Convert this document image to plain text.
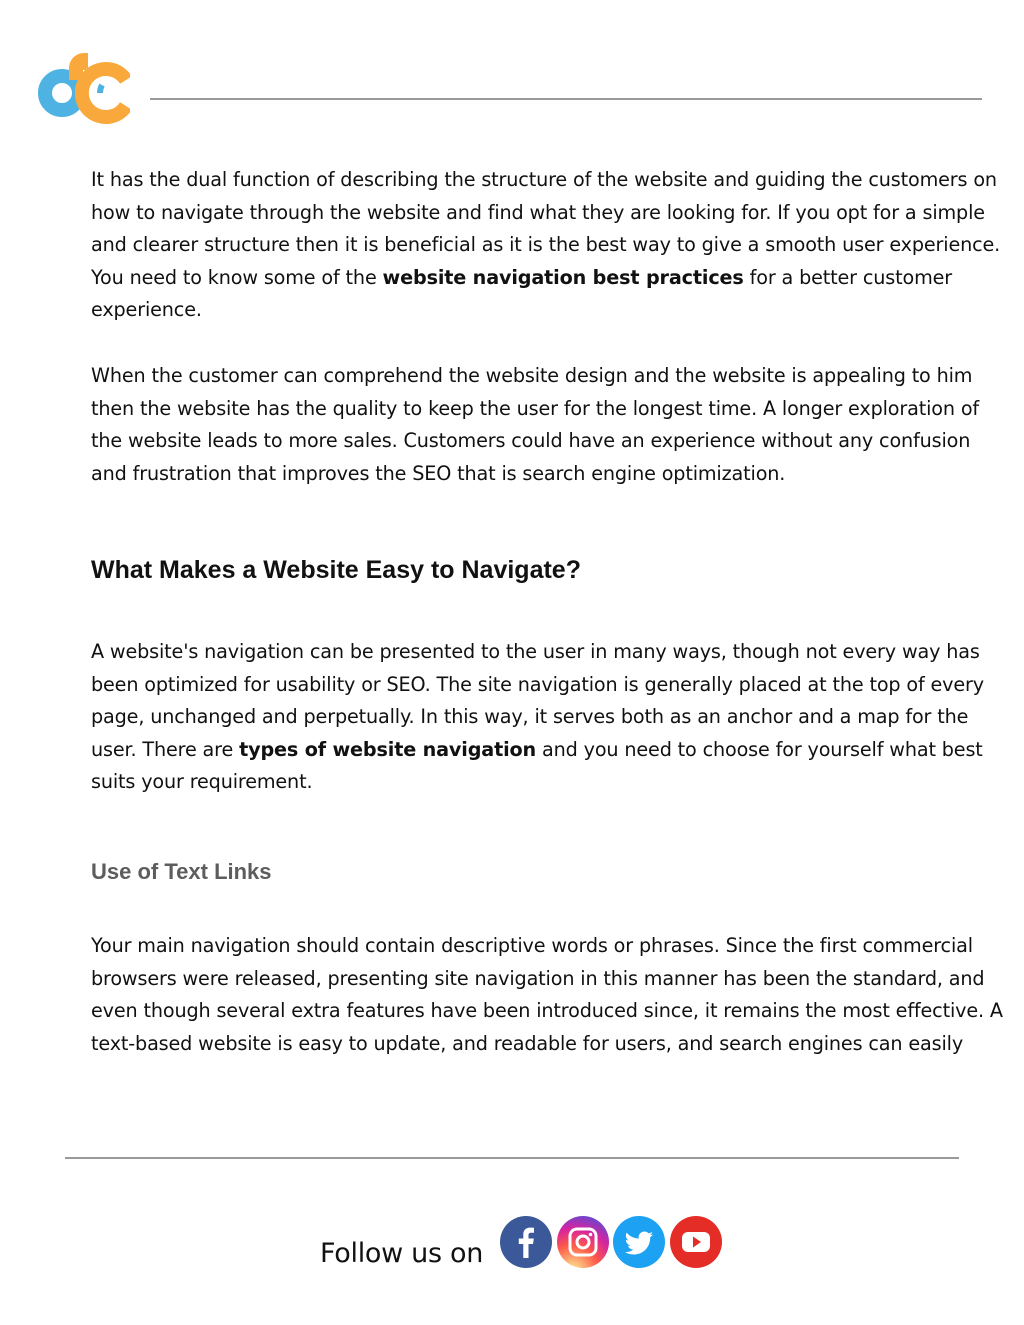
It has the dual function of describing the structure of the website and guiding the customers on how to navigate through the website and find what they are looking for. If you opt for a simple and clearer structure then it is beneficial as it is the best way to give a smooth user experience. You need to know some of the website navigation best practices for a better customer experience.

When the customer can comprehend the website design and the website is appealing to him then the website has the quality to keep the user for the longest time. A longer exploration of the website leads to more sales. Customers could have an experience without any confusion and frustration that improves the SEO that is search engine optimization.

What Makes a Website Easy to Navigate?

A website's navigation can be presented to the user in many ways, though not every way has been optimized for usability or SEO. The site navigation is generally placed at the top of every page, unchanged and perpetually. In this way, it serves both as an anchor and a map for the user. There are types of website navigation and you need to choose for yourself what best suits your requirement.

Use of Text Links

Your main navigation should contain descriptive words or phrases. Since the first commercial browsers were released, presenting site navigation in this manner has been the standard, and even though several extra features have been introduced since, it remains the most effective. A text-based website is easy to update, and readable for users, and search engines can easily

Follow us on
